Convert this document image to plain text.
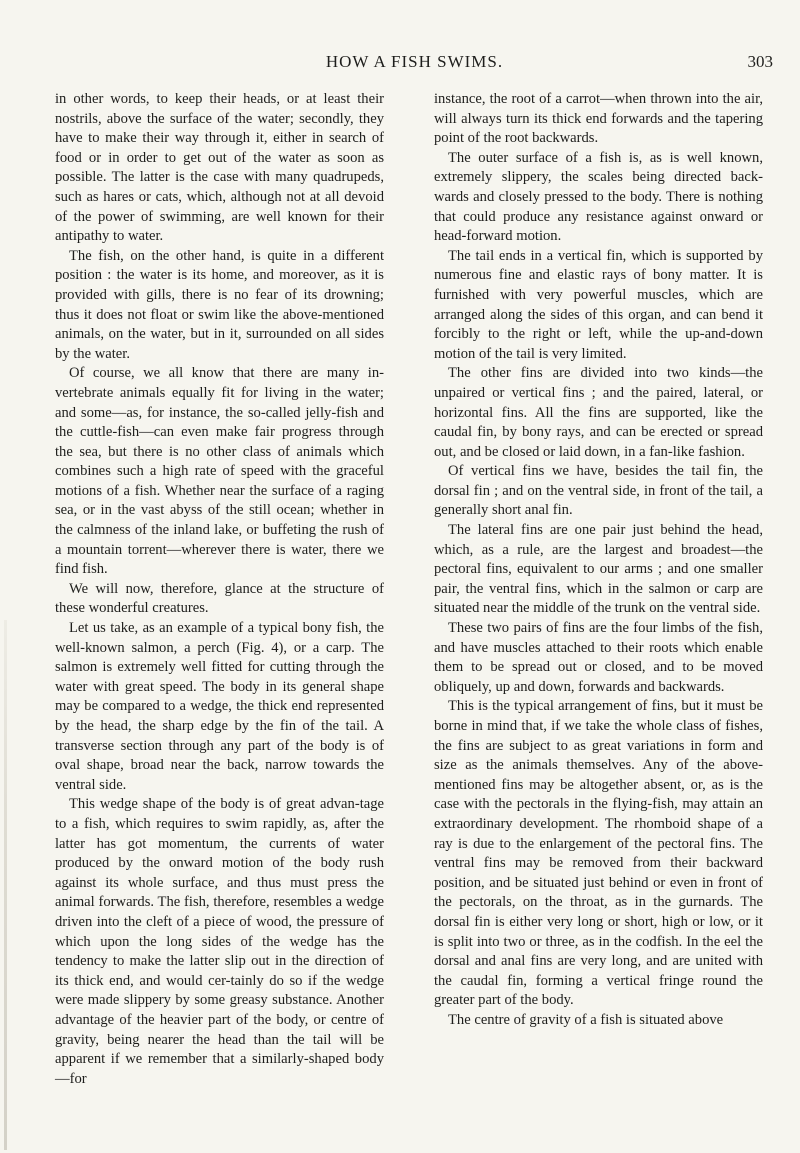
HOW A FISH SWIMS.	303

in other words, to keep their heads, or at least their nostrils, above the surface of the water; secondly, they have to make their way through it, either in search of food or in order to get out of the water as soon as possible. The latter is the case with many quadrupeds, such as hares or cats, which, although not at all devoid of the power of swimming, are well known for their antipathy to water.

The fish, on the other hand, is quite in a different position : the water is its home, and moreover, as it is provided with gills, there is no fear of its drowning; thus it does not float or swim like the above-mentioned animals, on the water, but in it, surrounded on all sides by the water.

Of course, we all know that there are many in-vertebrate animals equally fit for living in the water; and some—as, for instance, the so-called jelly-fish and the cuttle-fish—can even make fair progress through the sea, but there is no other class of animals which combines such a high rate of speed with the graceful motions of a fish. Whether near the surface of a raging sea, or in the vast abyss of the still ocean; whether in the calmness of the inland lake, or buffeting the rush of a mountain torrent—wherever there is water, there we find fish.

We will now, therefore, glance at the structure of these wonderful creatures.

Let us take, as an example of a typical bony fish, the well-known salmon, a perch (Fig. 4), or a carp. The salmon is extremely well fitted for cutting through the water with great speed. The body in its general shape may be compared to a wedge, the thick end represented by the head, the sharp edge by the fin of the tail. A transverse section through any part of the body is of oval shape, broad near the back, narrow towards the ventral side.

This wedge shape of the body is of great advan-tage to a fish, which requires to swim rapidly, as, after the latter has got momentum, the currents of water produced by the onward motion of the body rush against its whole surface, and thus must press the animal forwards. The fish, therefore, resembles a wedge driven into the cleft of a piece of wood, the pressure of which upon the long sides of the wedge has the tendency to make the latter slip out in the direction of its thick end, and would cer-tainly do so if the wedge were made slippery by some greasy substance. Another advantage of the heavier part of the body, or centre of gravity, being nearer the head than the tail will be apparent if we remember that a similarly-shaped body—for

instance, the root of a carrot—when thrown into the air, will always turn its thick end forwards and the tapering point of the root backwards.

The outer surface of a fish is, as is well known, extremely slippery, the scales being directed back-wards and closely pressed to the body. There is nothing that could produce any resistance against onward or head-forward motion.

The tail ends in a vertical fin, which is supported by numerous fine and elastic rays of bony matter. It is furnished with very powerful muscles, which are arranged along the sides of this organ, and can bend it forcibly to the right or left, while the up-and-down motion of the tail is very limited.

The other fins are divided into two kinds—the unpaired or vertical fins ; and the paired, lateral, or horizontal fins. All the fins are supported, like the caudal fin, by bony rays, and can be erected or spread out, and be closed or laid down, in a fan-like fashion.

Of vertical fins we have, besides the tail fin, the dorsal fin ; and on the ventral side, in front of the tail, a generally short anal fin.

The lateral fins are one pair just behind the head, which, as a rule, are the largest and broadest—the pectoral fins, equivalent to our arms ; and one smaller pair, the ventral fins, which in the salmon or carp are situated near the middle of the trunk on the ventral side.

These two pairs of fins are the four limbs of the fish, and have muscles attached to their roots which enable them to be spread out or closed, and to be moved obliquely, up and down, forwards and backwards.

This is the typical arrangement of fins, but it must be borne in mind that, if we take the whole class of fishes, the fins are subject to as great variations in form and size as the animals themselves. Any of the above-mentioned fins may be altogether absent, or, as is the case with the pectorals in the flying-fish, may attain an extraordinary development. The rhomboid shape of a ray is due to the enlargement of the pectoral fins. The ventral fins may be removed from their backward position, and be situated just behind or even in front of the pectorals, on the throat, as in the gurnards. The dorsal fin is either very long or short, high or low, or it is split into two or three, as in the codfish. In the eel the dorsal and anal fins are very long, and are united with the caudal fin, forming a vertical fringe round the greater part of the body.

The centre of gravity of a fish is situated above
